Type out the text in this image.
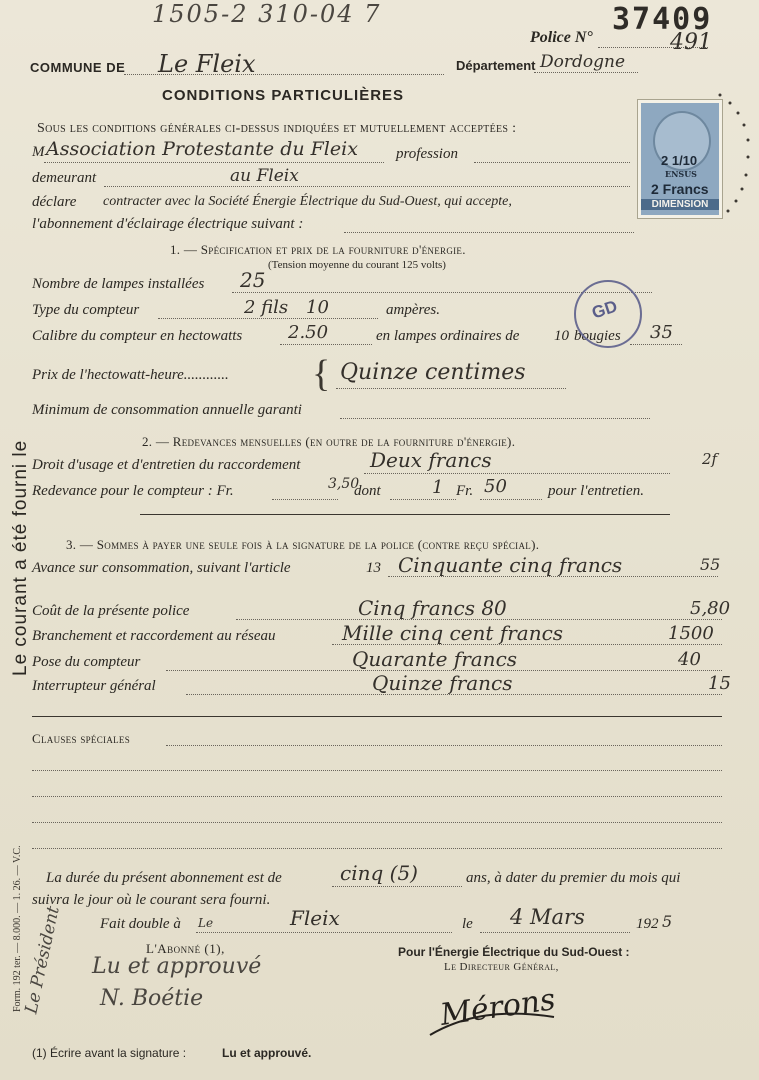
1505-2 310-04 7	37409
Police N°	491
COMMUNE DE Le Fleix	Département Dordogne
CONDITIONS PARTICULIÈRES
2 1/10
ENSUS
2 Francs
DIMENSION
Sous les conditions générales ci-dessus indiquées et mutuellement acceptées :
M Association Protestante du Fleix	profession
demeurant	au Fleix
déclare contracter avec la Société Énergie Électrique du Sud-Ouest, qui accepte,
l'abonnement d'éclairage électrique suivant :
1. — Spécification et prix de la fourniture d'énergie.
(Tension moyenne du courant 125 volts)
Nombre de lampes installées 25
Type du compteur	2 fils 10	ampères.
Calibre du compteur en hectowatts	2.50	en lampes ordinaires de 10 bougies 35
GD
Prix de l'hectowatt-heure............ { Quinze centimes
Minimum de consommation annuelle garanti
2. — Redevances mensuelles (en outre de la fourniture d'énergie).
Droit d'usage et d'entretien du raccordement	Deux francs	2f
Redevance pour le compteur : Fr.	3,50
dont	1 Fr. 50	pour l'entretien.
3. — Sommes à payer une seule fois à la signature de la police (contre reçu spécial).
Avance sur consommation, suivant l'article	13 Cinquante cinq francs	55
Coût de la présente police	Cinq francs 80	5,80
Branchement et raccordement au réseau	Mille cinq cent francs	1500
Pose du compteur	Quarante francs	40
Interrupteur général	Quinze francs	15
Clauses spéciales
La durée du présent abonnement est de	cinq (5)	ans, à dater du premier du mois qui
suivra le jour où le courant sera fourni.
Fait double à Le	Fleix	le 4 Mars	192 5
L'Abonné (1),
Lu et approuvé
N. Boétie
Pour l'Énergie Électrique du Sud-Ouest :
Le Directeur Général,
Mérons
Le Président
Le courant a été fourni le
Form. 192 ter. — 8.000. — 1. 26. — V.C.
(1) Écrire avant la signature :	Lu et approuvé.
